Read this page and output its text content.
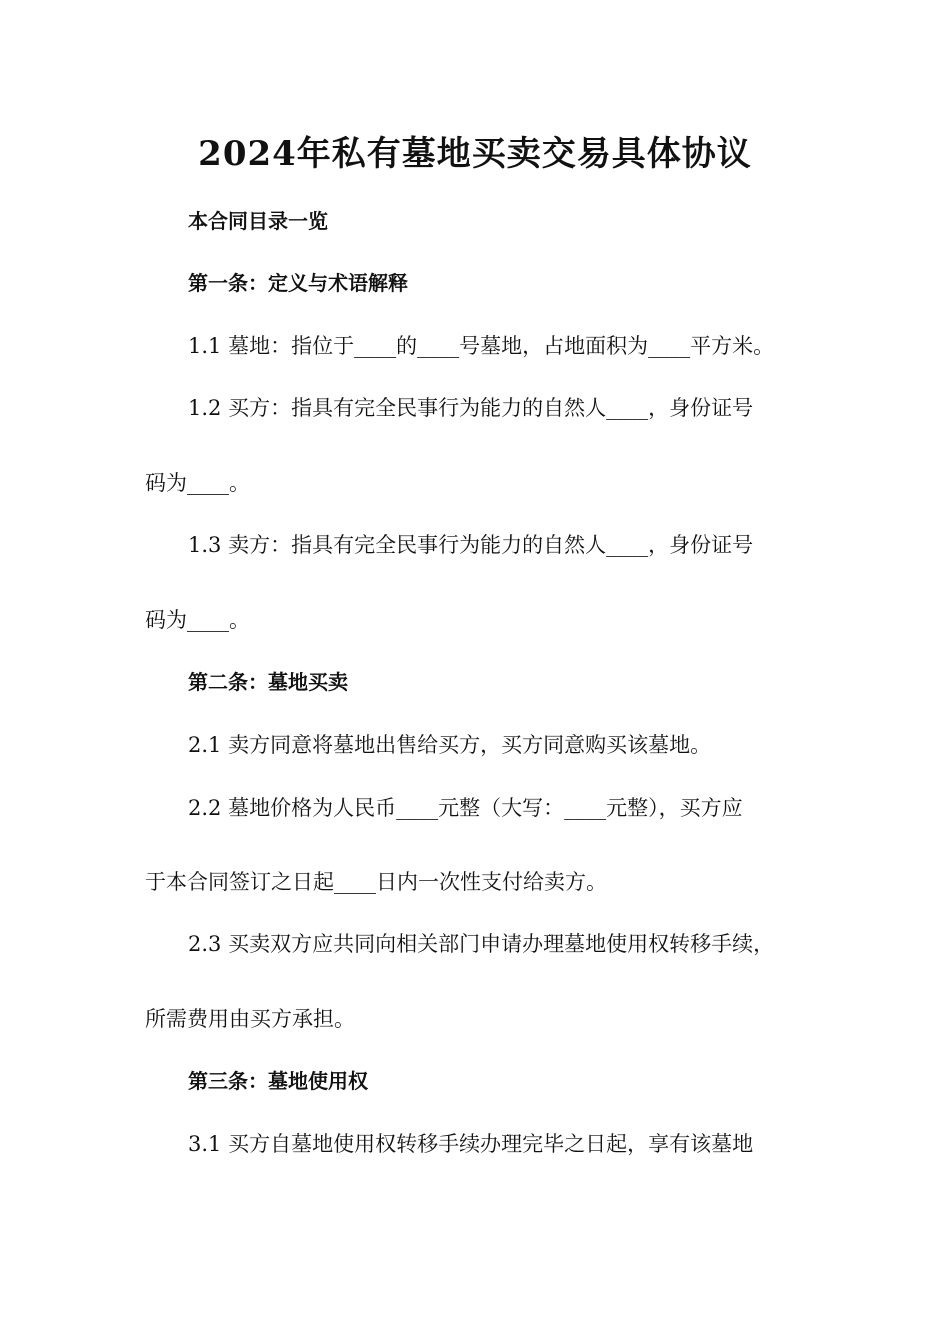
2024年私有墓地买卖交易具体协议

本合同目录一览

第一条：定义与术语解释

1.1 墓地：指位于____的____号墓地，占地面积为____平方米。

1.2 买方：指具有完全民事行为能力的自然人____，身份证号

码为____。

1.3 卖方：指具有完全民事行为能力的自然人____，身份证号

码为____。

第二条：墓地买卖

2.1 卖方同意将墓地出售给买方，买方同意购买该墓地。

2.2 墓地价格为人民币____元整（大写：____元整），买方应

于本合同签订之日起____日内一次性支付给卖方。

2.3 买卖双方应共同向相关部门申请办理墓地使用权转移手续，

所需费用由买方承担。

第三条：墓地使用权

3.1 买方自墓地使用权转移手续办理完毕之日起，享有该墓地
